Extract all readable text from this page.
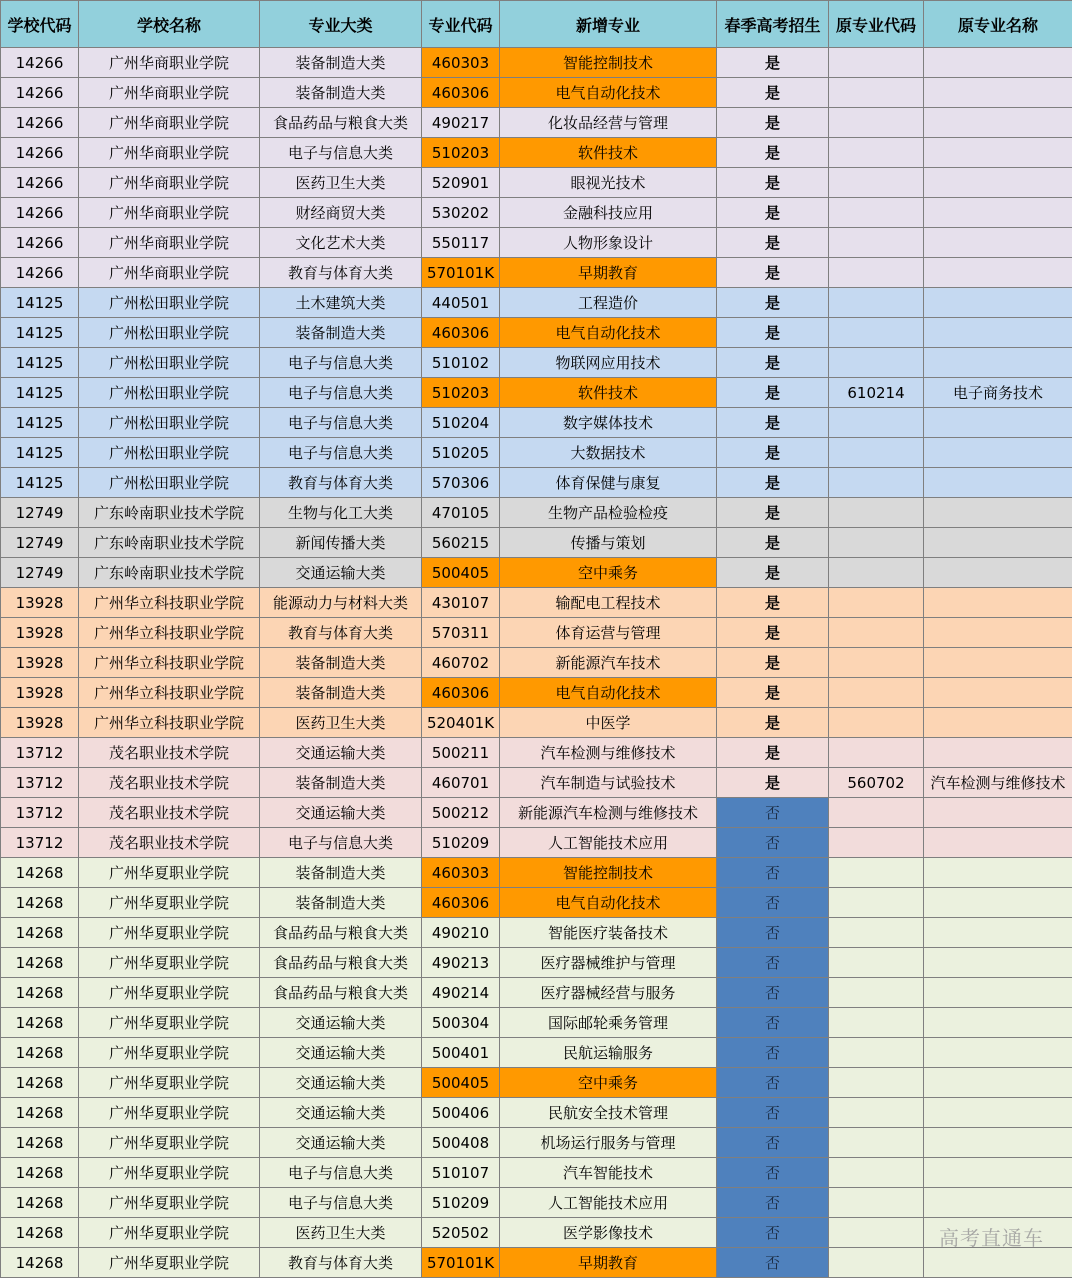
学校代码	学校名称	专业大类	专业代码	新增专业	春季高考招生	原专业代码	原专业名称
14266	广州华商职业学院	装备制造大类	460303	智能控制技术	是		
14266	广州华商职业学院	装备制造大类	460306	电气自动化技术	是		
14266	广州华商职业学院	食品药品与粮食大类	490217	化妆品经营与管理	是		
14266	广州华商职业学院	电子与信息大类	510203	软件技术	是		
14266	广州华商职业学院	医药卫生大类	520901	眼视光技术	是		
14266	广州华商职业学院	财经商贸大类	530202	金融科技应用	是		
14266	广州华商职业学院	文化艺术大类	550117	人物形象设计	是		
14266	广州华商职业学院	教育与体育大类	570101K	早期教育	是		
14125	广州松田职业学院	土木建筑大类	440501	工程造价	是		
14125	广州松田职业学院	装备制造大类	460306	电气自动化技术	是		
14125	广州松田职业学院	电子与信息大类	510102	物联网应用技术	是		
14125	广州松田职业学院	电子与信息大类	510203	软件技术	是	610214	电子商务技术
14125	广州松田职业学院	电子与信息大类	510204	数字媒体技术	是		
14125	广州松田职业学院	电子与信息大类	510205	大数据技术	是		
14125	广州松田职业学院	教育与体育大类	570306	体育保健与康复	是		
12749	广东岭南职业技术学院	生物与化工大类	470105	生物产品检验检疫	是		
12749	广东岭南职业技术学院	新闻传播大类	560215	传播与策划	是		
12749	广东岭南职业技术学院	交通运输大类	500405	空中乘务	是		
13928	广州华立科技职业学院	能源动力与材料大类	430107	输配电工程技术	是		
13928	广州华立科技职业学院	教育与体育大类	570311	体育运营与管理	是		
13928	广州华立科技职业学院	装备制造大类	460702	新能源汽车技术	是		
13928	广州华立科技职业学院	装备制造大类	460306	电气自动化技术	是		
13928	广州华立科技职业学院	医药卫生大类	520401K	中医学	是		
13712	茂名职业技术学院	交通运输大类	500211	汽车检测与维修技术	是		
13712	茂名职业技术学院	装备制造大类	460701	汽车制造与试验技术	是	560702	汽车检测与维修技术
13712	茂名职业技术学院	交通运输大类	500212	新能源汽车检测与维修技术	否		
13712	茂名职业技术学院	电子与信息大类	510209	人工智能技术应用	否		
14268	广州华夏职业学院	装备制造大类	460303	智能控制技术	否		
14268	广州华夏职业学院	装备制造大类	460306	电气自动化技术	否		
14268	广州华夏职业学院	食品药品与粮食大类	490210	智能医疗装备技术	否		
14268	广州华夏职业学院	食品药品与粮食大类	490213	医疗器械维护与管理	否		
14268	广州华夏职业学院	食品药品与粮食大类	490214	医疗器械经营与服务	否		
14268	广州华夏职业学院	交通运输大类	500304	国际邮轮乘务管理	否		
14268	广州华夏职业学院	交通运输大类	500401	民航运输服务	否		
14268	广州华夏职业学院	交通运输大类	500405	空中乘务	否		
14268	广州华夏职业学院	交通运输大类	500406	民航安全技术管理	否		
14268	广州华夏职业学院	交通运输大类	500408	机场运行服务与管理	否		
14268	广州华夏职业学院	电子与信息大类	510107	汽车智能技术	否		
14268	广州华夏职业学院	电子与信息大类	510209	人工智能技术应用	否		
14268	广州华夏职业学院	医药卫生大类	520502	医学影像技术	否		
14268	广州华夏职业学院	教育与体育大类	570101K	早期教育	否		
高考直通车
